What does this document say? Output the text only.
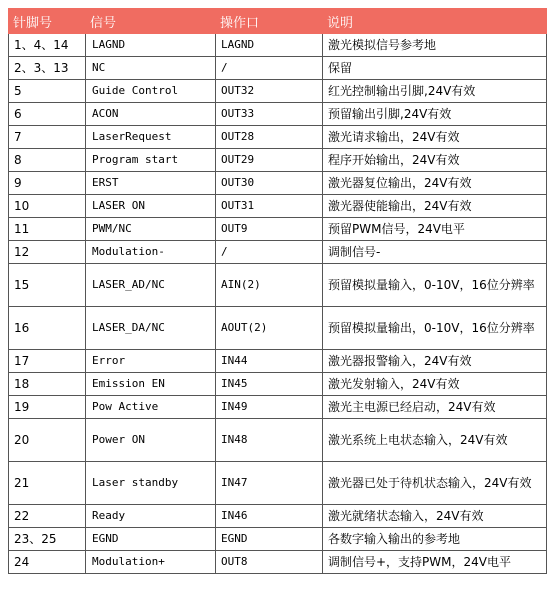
针脚号	信号	操作口	说明
1、4、14	LAGND	LAGND	激光模拟信号参考地
2、3、13	NC	/	保留
5	Guide Control	OUT32	红光控制输出引脚,24V有效
6	ACON	OUT33	预留输出引脚,24V有效
7	LaserRequest	OUT28	激光请求输出，24V有效
8	Program start	OUT29	程序开始输出，24V有效
9	ERST	OUT30	激光器复位输出，24V有效
10	LASER ON	OUT31	激光器使能输出，24V有效
11	PWM/NC	OUT9	预留PWM信号，24V电平
12	Modulation-	/	调制信号-
15	LASER_AD/NC	AIN(2)	预留模拟量输入，0-10V，16位分辨率
16	LASER_DA/NC	AOUT(2)	预留模拟量输出，0-10V，16位分辨率
17	Error	IN44	激光器报警输入，24V有效
18	Emission EN	IN45	激光发射输入，24V有效
19	Pow Active	IN49	激光主电源已经启动，24V有效
20	Power ON	IN48	激光系统上电状态输入，24V有效
21	Laser standby	IN47	激光器已处于待机状态输入，24V有效
22	Ready	IN46	激光就绪状态输入，24V有效
23、25	EGND	EGND	各数字输入输出的参考地
24	Modulation+	OUT8	调制信号+，支持PWM，24V电平
